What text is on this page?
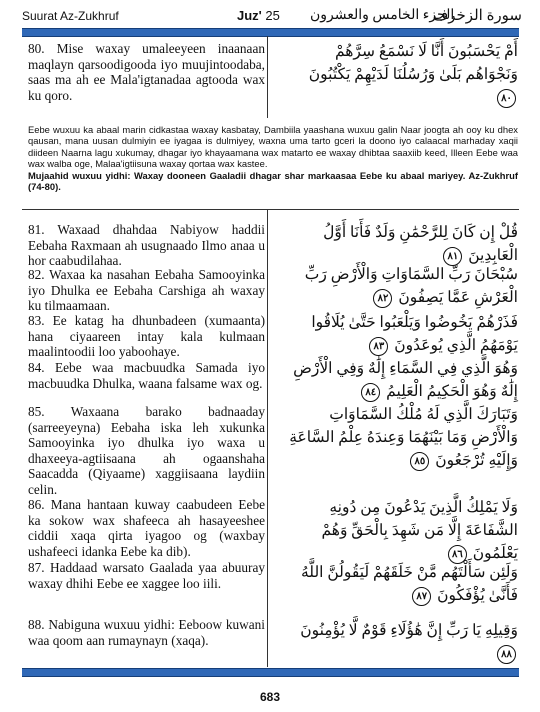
Suurat Az-Zukhruf	Juz' 25 الجزء الخامس والعشرون
سورة الزخرف
80. Mise waxay umaleeyeen inaanaan maqlayn qarsoodigooda iyo muujintoodaba, saas ma ah ee Mala'igtanadaa agtooda wax ku qoro.
أَمْ يَحْسَبُونَ أَنَّا لَا نَسْمَعُ سِرَّهُمْ وَنَجْوَاهُم بَلَىٰ وَرُسُلُنَا لَدَيْهِمْ يَكْتُبُونَ ٨٠

Eebe wuxuu ka abaal marin cidkastaa waxay kasbatay, Dambiila yaashana wuxuu galin Naar joogta ah ooy ku dhex qausan, mana uusan dulmiyin ee iyagaa is dulmiyey, waxna uma tarto gceri la doono iyo calaacal marhaday xaqii diideen Naarna lagu xukumay, dhagar iyo khayaamana wax matarto ee waxay dhibtaa saaxiib keed, Illeen Eebe waa wax walba oge, Malaa'igtiisuna waxay qortaa wax kastee.

Mujaahid wuxuu yidhi: Waxay dooneen Gaaladii dhagar shar markaasaa Eebe ku abaal mariyey. Az-Zukhruf (74-80).

81. Waxaad dhahdaa Nabiyow haddii Eebaha Raxmaan ah usugnaado Ilmo anaa u hor caabudilahaa.
قُلْ إِن كَانَ لِلرَّحْمَٰنِ وَلَدٌ فَأَنَا أَوَّلُ الْعَابِدِينَ ٨١
82. Waxaa ka nasahan Eebaha Samooyinka iyo Dhulka ee Eebaha Carshiga ah waxay ku tilmaamaan.
سُبْحَانَ رَبِّ السَّمَاوَاتِ وَالْأَرْضِ رَبِّ الْعَرْشِ عَمَّا يَصِفُونَ ٨٢
83. Ee katag ha dhunbadeen (xumaanta) hana ciyaareen intay kala kulmaan maalintoodii loo yaboohaye.
فَذَرْهُمْ يَخُوضُوا وَيَلْعَبُوا حَتَّىٰ يُلَاقُوا يَوْمَهُمُ الَّذِي يُوعَدُونَ ٨٣
84. Eebe waa macbuudka Samada iyo macbuudka Dhulka, waana falsame wax og.
وَهُوَ الَّذِي فِي السَّمَاءِ إِلَٰهٌ وَفِي الْأَرْضِ إِلَٰهٌ وَهُوَ الْحَكِيمُ الْعَلِيمُ ٨٤
85. Waxaana barako badnaaday (sarreeyeyna) Eebaha iska leh xukunka Samooyinka iyo dhulka iyo waxa u dhaxeeya-agtiisaana ah ogaanshaha Saacadda (Qiyaame) xaggiisaana laydiin celin.
وَتَبَارَكَ الَّذِي لَهُ مُلْكُ السَّمَاوَاتِ وَالْأَرْضِ وَمَا بَيْنَهُمَا وَعِندَهُ عِلْمُ السَّاعَةِ وَإِلَيْهِ تُرْجَعُونَ ٨٥
86. Mana hantaan kuway caabudeen Eebe ka sokow wax shafeeca ah hasayeeshee ciddii xaqa qirta iyagoo og (waxbay ushafeeci idanka Eebe ka dib).
وَلَا يَمْلِكُ الَّذِينَ يَدْعُونَ مِن دُونِهِ الشَّفَاعَةَ إِلَّا مَن شَهِدَ بِالْحَقِّ وَهُمْ يَعْلَمُونَ ٨٦
87. Haddaad warsato Gaalada yaa abuuray waxay dhihi Eebe ee xaggee loo iili.
وَلَئِن سَأَلْتَهُم مَّنْ خَلَقَهُمْ لَيَقُولُنَّ اللَّهُ فَأَنَّىٰ يُؤْفَكُونَ ٨٧
88. Nabiguna wuxuu yidhi: Eeboow kuwani waa qoom aan rumaynayn (xaqa).
وَقِيلِهِ يَا رَبِّ إِنَّ هَٰؤُلَاءِ قَوْمٌ لَّا يُؤْمِنُونَ ٨٨
683
